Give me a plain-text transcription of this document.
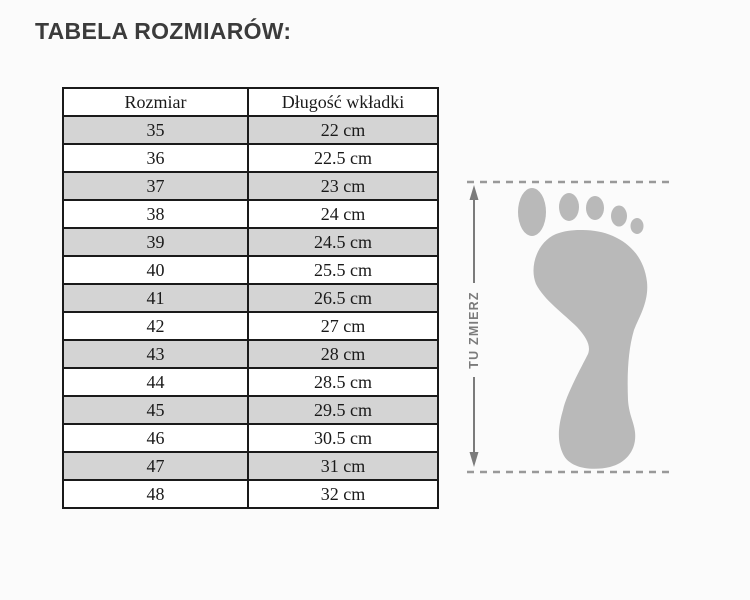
TABELA ROZMIARÓW:
Rozmiar	Długość wkładki
35	22 cm
36	22.5 cm
37	23 cm
38	24 cm
39	24.5 cm
40	25.5 cm
41	26.5 cm
42	27 cm
43	28 cm
44	28.5 cm
45	29.5 cm
46	30.5 cm
47	31 cm
48	32 cm
TU ZMIERZ
